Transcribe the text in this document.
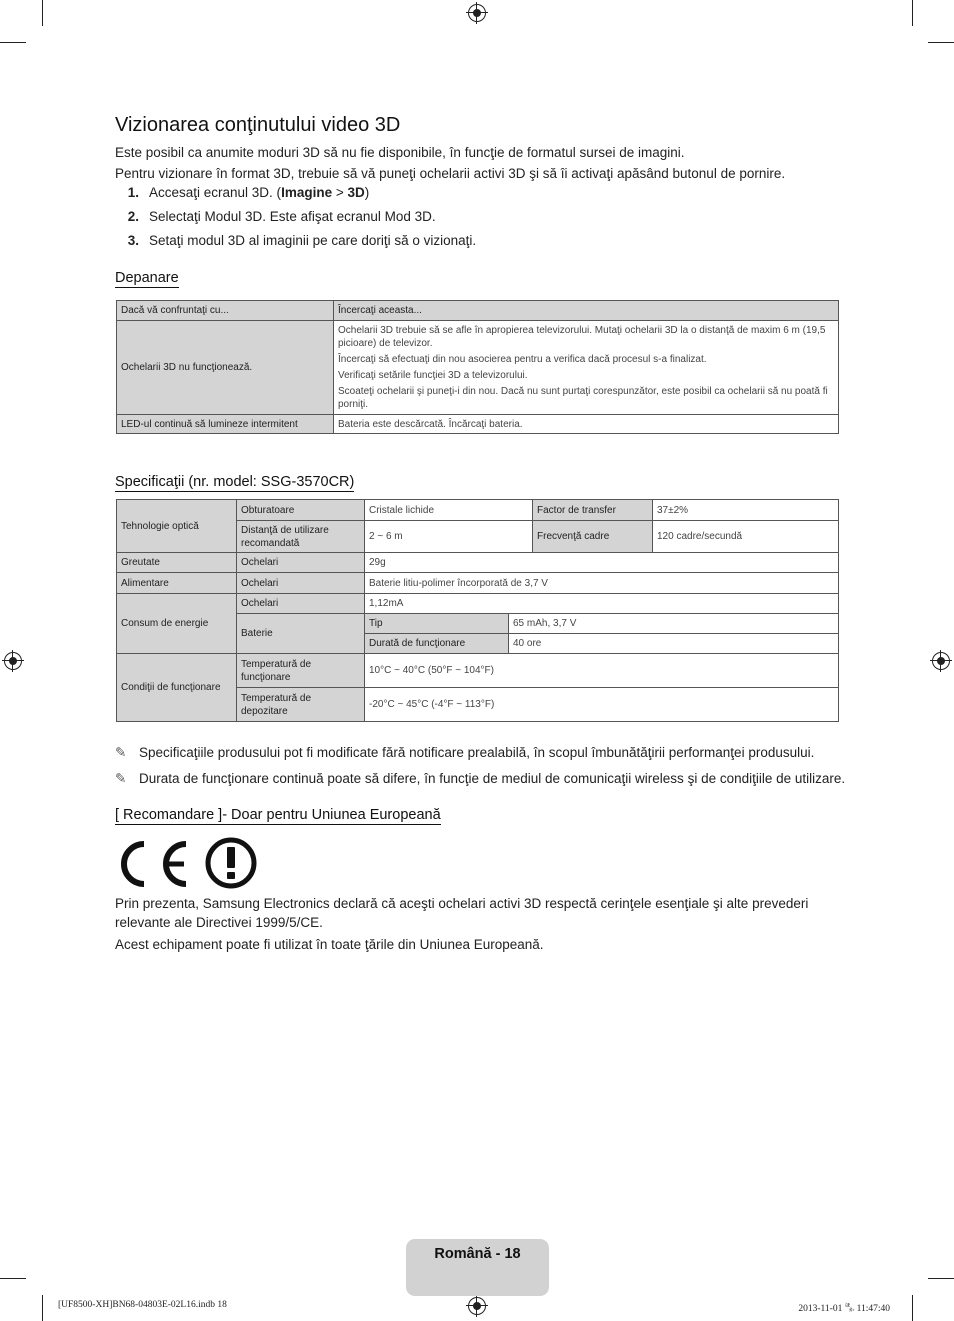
Vizionarea conţinutului video 3D

Este posibil ca anumite moduri 3D să nu fie disponibile, în funcţie de formatul sursei de imagini.

Pentru vizionare în format 3D, trebuie să vă puneţi ochelarii activi 3D şi să îi activaţi apăsând butonul de pornire.

1. Accesaţi ecranul 3D. (Imagine > 3D)
2. Selectaţi Modul 3D. Este afişat ecranul Mod 3D.
3. Setaţi modul 3D al imaginii pe care doriţi să o vizionaţi.
Depanare
Dacă vă confruntaţi cu...	Încercaţi aceasta...
Ochelarii 3D nu funcţionează.	Ochelarii 3D trebuie să se afle în apropierea televizorului. Mutaţi ochelarii 3D la o distanţă de maxim 6 m (19,5 picioare) de televizor.
Încercaţi să efectuaţi din nou asocierea pentru a verifica dacă procesul s-a finalizat.
Verificaţi setările funcţiei 3D a televizorului.
Scoateţi ochelarii şi puneţi-i din nou. Dacă nu sunt purtaţi corespunzător, este posibil ca ochelarii să nu poată fi porniţi.

LED-ul continuă să lumineze intermitent	Bateria este descărcată. Încărcaţi bateria.
Specificaţii (nr. model: SSG-3570CR)
Tehnologie optică	Obturatoare	Cristale lichide		Factor de transfer	37±2%
	Distanţă de utilizare recomandată	2 ~ 6 m		Frecvenţă cadre	120 cadre/secundă
Greutate	Ochelari	29g			
Alimentare	Ochelari	Baterie litiu-polimer încorporată de 3,7 V			
Consum de energie	Ochelari	1,12mA			
	Baterie	Tip	65 mAh, 3,7 V		
		Durată de funcţionare	40 ore		
Condiţii de funcţionare	Temperatură de funcţionare	10°C ~ 40°C (50°F ~ 104°F)			
	Temperatură de depozitare	-20°C ~ 45°C (-4°F ~ 113°F)			
✎ Specificaţiile produsului pot fi modificate fără notificare prealabilă, în scopul îmbunătăţirii performanţei produsului.
✎ Durata de funcţionare continuă poate să difere, în funcţie de mediul de comunicaţii wireless şi de condiţiile de utilizare.
[ Recomandare ]- Doar pentru Uniunea Europeană

Prin prezenta, Samsung Electronics declară că aceşti ochelari activi 3D respectă cerinţele esenţiale şi alte prevederi relevante ale Directivei 1999/5/CE.

Acest echipament poate fi utilizat în toate ţările din Uniunea Europeană.

Română - 18
[UF8500-XH]BN68-04803E-02L16.indb 18	2013-11-01 🈀 11:47:40
